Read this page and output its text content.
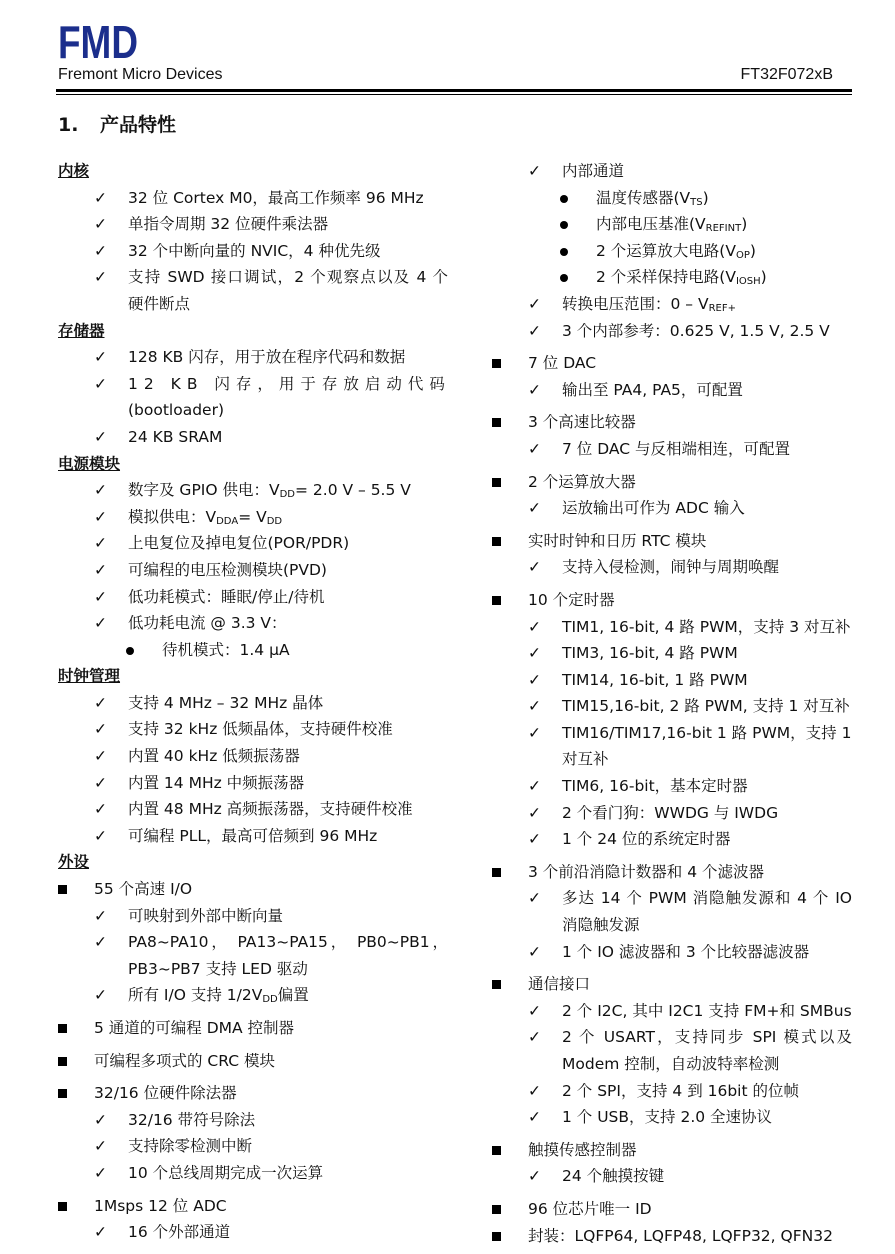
FMD
Fremont Micro Devices	FT32F072xB
1. 产品特性
内核
✓ 32 位 Cortex M0，最高工作频率 96 MHz
✓ 单指令周期 32 位硬件乘法器
✓ 32 个中断向量的 NVIC，4 种优先级
✓ 支持 SWD 接口调试，2 个观察点以及 4 个
硬件断点
存储器
✓ 128 KB 闪存，用于放在程序代码和数据
✓ 12 KB 闪存，用于存放启动代码
(bootloader)
✓ 24 KB SRAM
电源模块
✓ 数字及 GPIO 供电：$V_{DD}= 2.0$ V – 5.5 V
✓ 模拟供电：$V_{DDA}= V_{DD}$
✓ 上电复位及掉电复位(POR/PDR)
✓ 可编程的电压检测模块(PVD)
✓ 低功耗模式：睡眠/停止/待机
✓ 低功耗电流 @ 3.3 V：
待机模式：1.4 μA
时钟管理
✓ 支持 4 MHz – 32 MHz 晶体
✓ 支持 32 kHz 低频晶体，支持硬件校准
✓ 内置 40 kHz 低频振荡器
✓ 内置 14 MHz 中频振荡器
✓ 内置 48 MHz 高频振荡器，支持硬件校准
✓ 可编程 PLL，最高可倍频到 96 MHz
外设
55 个高速 I/O
✓ 可映射到外部中断向量
✓ PA8~PA10， PA13~PA15， PB0~PB1，
PB3~PB7 支持 LED 驱动
✓ 所有 I/O 支持 $1/2V_{DD}$偏置
5 通道的可编程 DMA 控制器
可编程多项式的 CRC 模块
32/16 位硬件除法器
✓ 32/16 带符号除法
✓ 支持除零检测中断
✓ 10 个总线周期完成一次运算
1Msps 12 位 ADC
✓ 16 个外部通道
✓ 内部通道
温度传感器$(V_{TS})$
内部电压基准$(V_{REFINT})$
2 个运算放大电路$(V_{OP})$
2 个采样保持电路$(V_{IOSH})$
✓ 转换电压范围：$0 - V_{REF+}$
✓ 3 个内部参考：0.625 V, 1.5 V, 2.5 V
7 位 DAC
✓ 输出至 PA4, PA5，可配置
3 个高速比较器
✓ 7 位 DAC 与反相端相连，可配置
2 个运算放大器
✓ 运放输出可作为 ADC 输入
实时时钟和日历 RTC 模块
✓ 支持入侵检测，闹钟与周期唤醒
10 个定时器
✓ TIM1, 16-bit, 4 路 PWM，支持 3 对互补
✓ TIM3, 16-bit, 4 路 PWM
✓ TIM14, 16-bit, 1 路 PWM
✓ TIM15,16-bit, 2 路 PWM, 支持 1 对互补
✓ TIM16/TIM17,16-bit 1 路 PWM，支持 1
对互补
✓ TIM6, 16-bit，基本定时器
✓ 2 个看门狗：WWDG 与 IWDG
✓ 1 个 24 位的系统定时器
3 个前沿消隐计数器和 4 个滤波器
✓ 多达 14 个 PWM 消隐触发源和 4 个 IO
消隐触发源
✓ 1 个 IO 滤波器和 3 个比较器滤波器
通信接口
✓ 2 个 I2C, 其中 I2C1 支持 FM+和 SMBus
✓ 2 个 USART，支持同步 SPI 模式以及
Modem 控制，自动波特率检测
✓ 2 个 SPI，支持 4 到 16bit 的位帧
✓ 1 个 USB，支持 2.0 全速协议
触摸传感控制器
✓ 24 个触摸按键
96 位芯片唯一 ID
封装：LQFP64, LQFP48, LQFP32, QFN32
